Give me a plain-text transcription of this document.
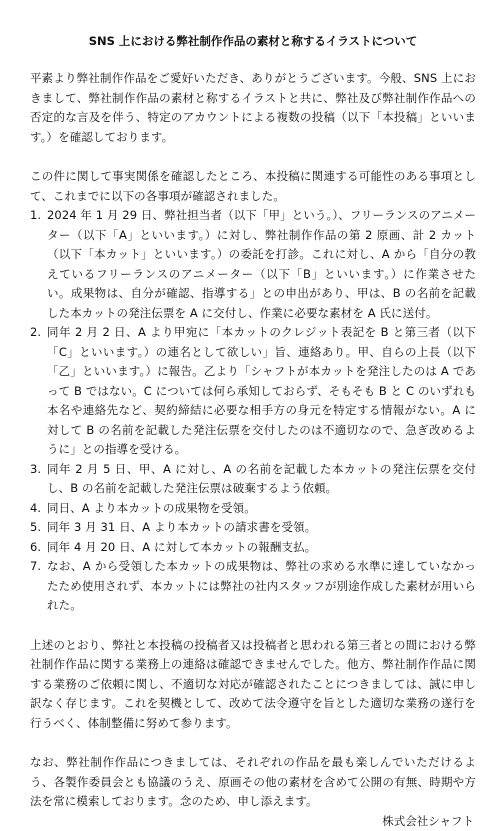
SNS 上における弊社制作作品の素材と称するイラストについて

平素より弊社制作作品をご愛好いただき、ありがとうございます。今般、SNS 上におきまして、弊社制作作品の素材と称するイラストと共に、弊社及び弊社制作作品への否定的な言及を伴う、特定のアカウントによる複数の投稿（以下「本投稿」といいます。）を確認しております。

この件に関して事実関係を確認したところ、本投稿に関連する可能性のある事項として、これまでに以下の各事項が確認されました。

1. 2024 年 1 月 29 日、弊社担当者（以下「甲」という。）、フリーランスのアニメーター（以下「A」といいます。）に対し、弊社制作作品の第 2 原画、計 2 カット（以下「本カット」といいます。）の委託を打診。これに対し、A から「自分の教えているフリーランスのアニメーター（以下「B」といいます。）に作業させたい。成果物は、自分が確認、指導する」との申出があり、甲は、B の名前を記載した本カットの発注伝票を A に交付し、作業に必要な素材を A 氏に送付。
2. 同年 2 月 2 日、A より甲宛に「本カットのクレジット表記を B と第三者（以下「C」といいます。）の連名として欲しい」旨、連絡あり。甲、自らの上長（以下「乙」といいます。）に報告。乙より「シャフトが本カットを発注したのは A であって B ではない。C については何ら承知しておらず、そもそも B と C のいずれも本名や連絡先など、契約締結に必要な相手方の身元を特定する情報がない。A に対して B の名前を記載した発注伝票を交付したのは不適切なので、急ぎ改めるように」との指導を受ける。
3. 同年 2 月 5 日、甲、A に対し、A の名前を記載した本カットの発注伝票を交付し、B の名前を記載した発注伝票は破棄するよう依頼。
4. 同日、A より本カットの成果物を受領。
5. 同年 3 月 31 日、A より本カットの請求書を受領。
6. 同年 4 月 20 日、A に対して本カットの報酬支払。
7. なお、A から受領した本カットの成果物は、弊社の求める水準に達していなかったため使用されず、本カットには弊社の社内スタッフが別途作成した素材が用いられた。

上述のとおり、弊社と本投稿の投稿者又は投稿者と思われる第三者との間における弊社制作作品に関する業務上の連絡は確認できませんでした。他方、弊社制作作品に関する業務のご依頼に関し、不適切な対応が確認されたことにつきましては、誠に申し訳なく存じます。これを契機として、改めて法令遵守を旨とした適切な業務の遂行を行うべく、体制整備に努めて参ります。

なお、弊社制作作品につきましては、それぞれの作品を最も楽しんでいただけるよう、各製作委員会とも協議のうえ、原画その他の素材を含めて公開の有無、時期や方法を常に模索しております。念のため、申し添えます。

株式会社シャフト
